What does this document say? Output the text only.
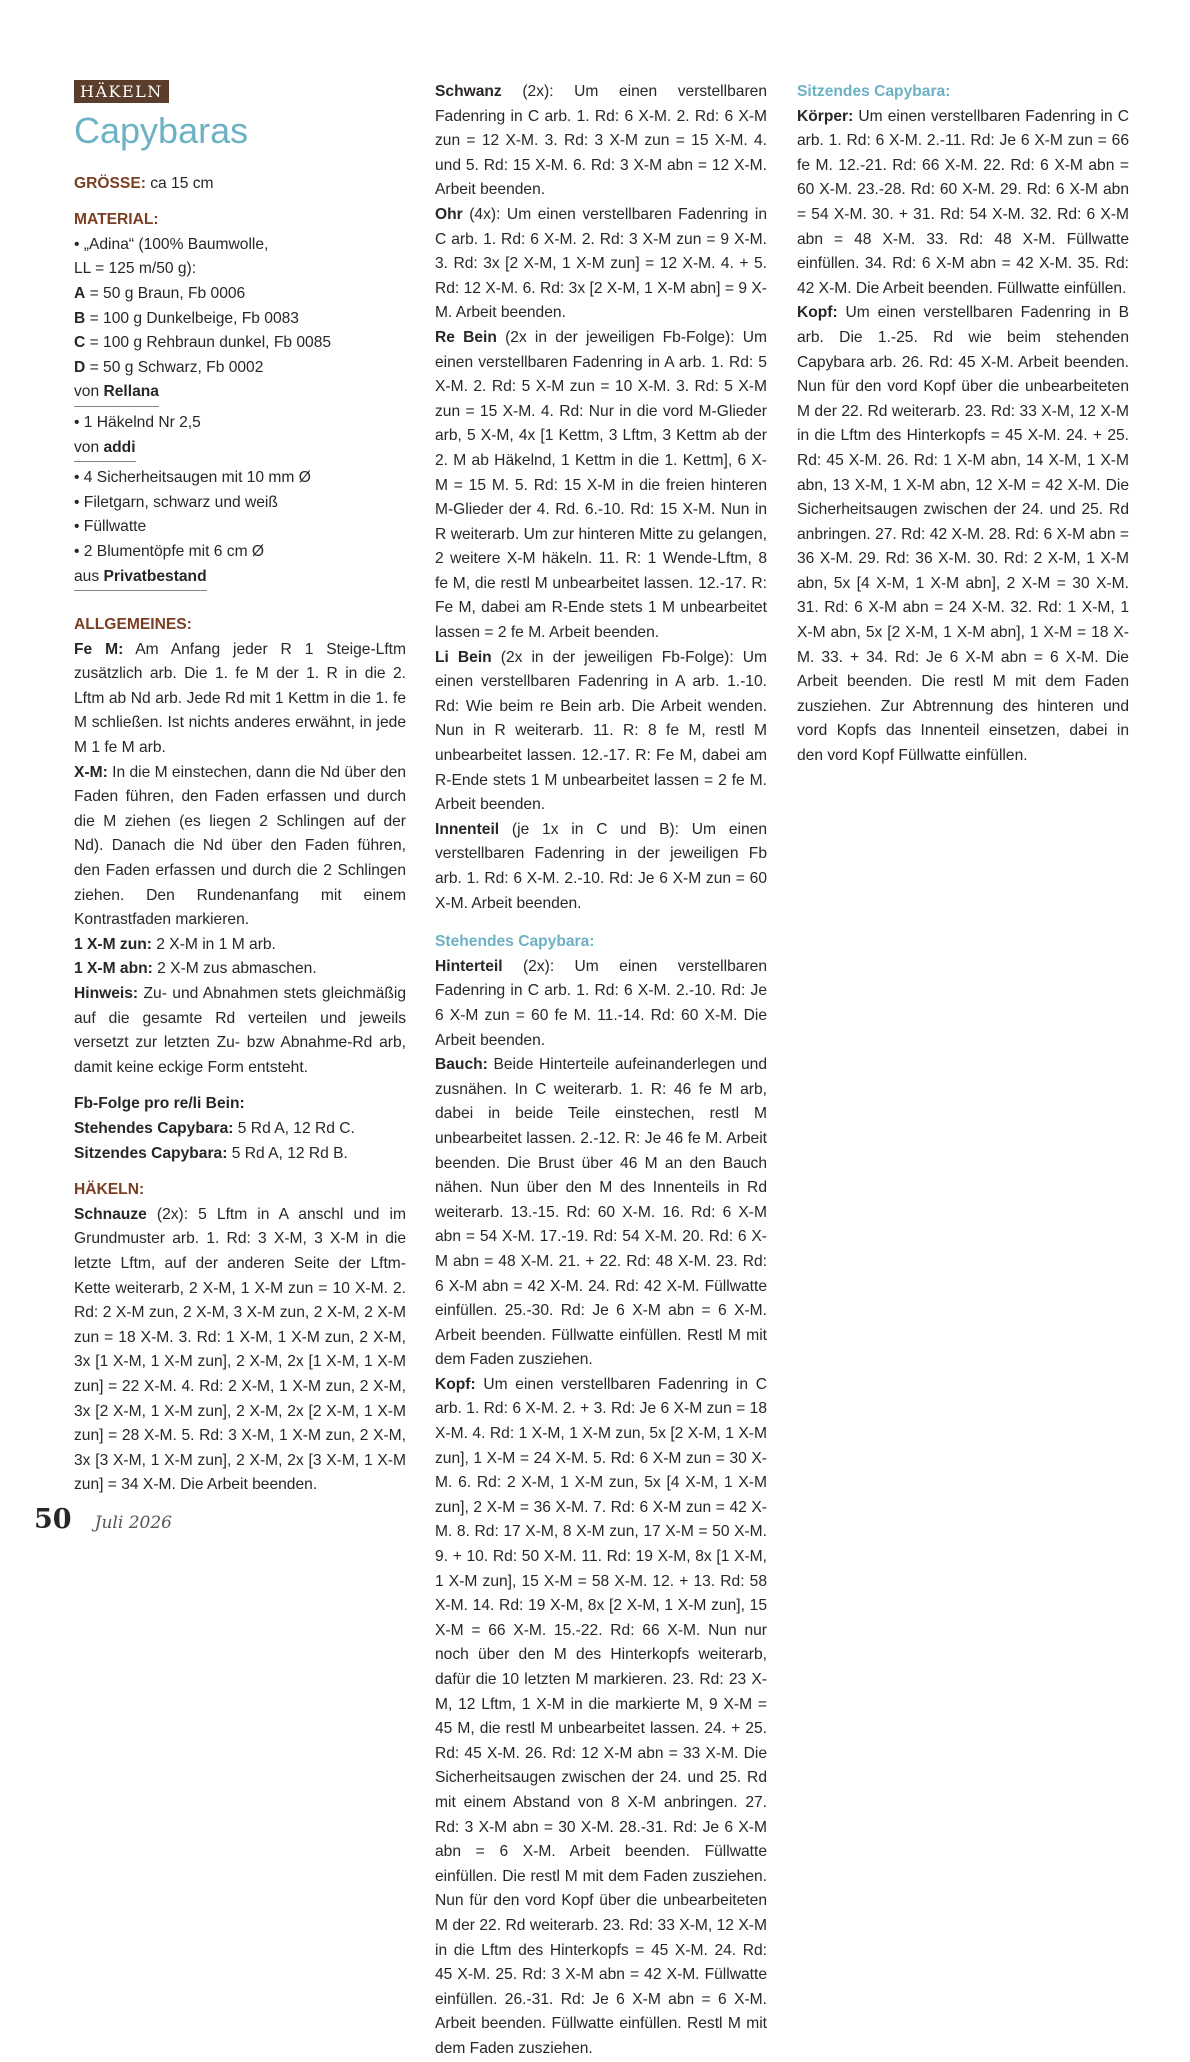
HÄKELN
Capybaras

GRÖSSE: ca 15 cm

MATERIAL:

• „Adina“ (100% Baumwolle,

LL = 125 m/50 g):

A = 50 g Braun, Fb 0006

B = 100 g Dunkelbeige, Fb 0083

C = 100 g Rehbraun dunkel, Fb 0085

D = 50 g Schwarz, Fb 0002

von Rellana

• 1 Häkelnd Nr 2,5

von addi

• 4 Sicherheitsaugen mit 10 mm Ø

• Filetgarn, schwarz und weiß

• Füllwatte

• 2 Blumentöpfe mit 6 cm Ø

aus Privatbestand

ALLGEMEINES:

Fe M: Am Anfang jeder R 1 Steige-Lftm zusätzlich arb. Die 1. fe M der 1. R in die 2. Lftm ab Nd arb. Jede Rd mit 1 Kettm in die 1. fe M schließen. Ist nichts anderes erwähnt, in jede M 1 fe M arb.

X-M: In die M einstechen, dann die Nd über den Faden führen, den Faden erfassen und durch die M ziehen (es liegen 2 Schlingen auf der Nd). Danach die Nd über den Faden führen, den Faden erfassen und durch die 2 Schlingen ziehen. Den Rundenanfang mit einem Kontrastfaden markieren.

1 X-M zun: 2 X-M in 1 M arb.

1 X-M abn: 2 X-M zus abmaschen.

Hinweis: Zu- und Abnahmen stets gleichmäßig auf die gesamte Rd verteilen und jeweils versetzt zur letzten Zu- bzw Abnahme-Rd arb, damit keine eckige Form entsteht.

Fb-Folge pro re/li Bein:

Stehendes Capybara: 5 Rd A, 12 Rd C.

Sitzendes Capybara: 5 Rd A, 12 Rd B.

HÄKELN:

Schnauze (2x): 5 Lftm in A anschl und im Grundmuster arb. 1. Rd: 3 X-M, 3 X-M in die letzte Lftm, auf der anderen Seite der Lftm-Kette weiterarb, 2 X-M, 1 X-M zun = 10 X-M. 2. Rd: 2 X-M zun, 2 X-M, 3 X-M zun, 2 X-M, 2 X-M zun = 18 X-M. 3. Rd: 1 X-M, 1 X-M zun, 2 X-M, 3x [1 X-M, 1 X-M zun], 2 X-M, 2x [1 X-M, 1 X-M zun] = 22 X-M. 4. Rd: 2 X-M, 1 X-M zun, 2 X-M, 3x [2 X-M, 1 X-M zun], 2 X-M, 2x [2 X-M, 1 X-M zun] = 28 X-M. 5. Rd: 3 X-M, 1 X-M zun, 2 X-M, 3x [3 X-M, 1 X-M zun], 2 X-M, 2x [3 X-M, 1 X-M zun] = 34 X-M. Die Arbeit beenden.

Schwanz (2x): Um einen verstellbaren Fadenring in C arb. 1. Rd: 6 X-M. 2. Rd: 6 X-M zun = 12 X-M. 3. Rd: 3 X-M zun = 15 X-M. 4. und 5. Rd: 15 X-M. 6. Rd: 3 X-M abn = 12 X-M. Arbeit beenden.

Ohr (4x): Um einen verstellbaren Fadenring in C arb. 1. Rd: 6 X-M. 2. Rd: 3 X-M zun = 9 X-M. 3. Rd: 3x [2 X-M, 1 X-M zun] = 12 X-M. 4. + 5. Rd: 12 X-M. 6. Rd: 3x [2 X-M, 1 X-M abn] = 9 X-M. Arbeit beenden.

Re Bein (2x in der jeweiligen Fb-Folge): Um einen verstellbaren Fadenring in A arb. 1. Rd: 5 X-M. 2. Rd: 5 X-M zun = 10 X-M. 3. Rd: 5 X-M zun = 15 X-M. 4. Rd: Nur in die vord M-Glieder arb, 5 X-M, 4x [1 Kettm, 3 Lftm, 3 Kettm ab der 2. M ab Häkelnd, 1 Kettm in die 1. Kettm], 6 X-M = 15 M. 5. Rd: 15 X-M in die freien hinteren M-Glieder der 4. Rd. 6.-10. Rd: 15 X-M. Nun in R weiterarb. Um zur hinteren Mitte zu gelangen, 2 weitere X-M häkeln. 11. R: 1 Wende-Lftm, 8 fe M, die restl M unbearbeitet lassen. 12.-17. R: Fe M, dabei am R-Ende stets 1 M unbearbeitet lassen = 2 fe M. Arbeit beenden.

Li Bein (2x in der jeweiligen Fb-Folge): Um einen verstellbaren Fadenring in A arb. 1.-10. Rd: Wie beim re Bein arb. Die Arbeit wenden. Nun in R weiterarb. 11. R: 8 fe M, restl M unbearbeitet lassen. 12.-17. R: Fe M, dabei am R-Ende stets 1 M unbearbeitet lassen = 2 fe M. Arbeit beenden.

Innenteil (je 1x in C und B): Um einen verstellbaren Fadenring in der jeweiligen Fb arb. 1. Rd: 6 X-M. 2.-10. Rd: Je 6 X-M zun = 60 X-M. Arbeit beenden.

Stehendes Capybara:

Hinterteil (2x): Um einen verstellbaren Fadenring in C arb. 1. Rd: 6 X-M. 2.-10. Rd: Je 6 X-M zun = 60 fe M. 11.-14. Rd: 60 X-M. Die Arbeit beenden.

Bauch: Beide Hinterteile aufeinanderlegen und zusnähen. In C weiterarb. 1. R: 46 fe M arb, dabei in beide Teile einstechen, restl M unbearbeitet lassen. 2.-12. R: Je 46 fe M. Arbeit beenden. Die Brust über 46 M an den Bauch nähen. Nun über den M des Innenteils in Rd weiterarb. 13.-15. Rd: 60 X-M. 16. Rd: 6 X-M abn = 54 X-M. 17.-19. Rd: 54 X-M. 20. Rd: 6 X-M abn = 48 X-M. 21. + 22. Rd: 48 X-M. 23. Rd: 6 X-M abn = 42 X-M. 24. Rd: 42 X-M. Füllwatte einfüllen. 25.-30. Rd: Je 6 X-M abn = 6 X-M. Arbeit beenden. Füllwatte einfüllen. Restl M mit dem Faden zusziehen.

Kopf: Um einen verstellbaren Fadenring in C arb. 1. Rd: 6 X-M. 2. + 3. Rd: Je 6 X-M zun = 18 X-M. 4. Rd: 1 X-M, 1 X-M zun, 5x [2 X-M, 1 X-M zun], 1 X-M = 24 X-M. 5. Rd: 6 X-M zun = 30 X-M. 6. Rd: 2 X-M, 1 X-M zun, 5x [4 X-M, 1 X-M zun], 2 X-M = 36 X-M. 7. Rd: 6 X-M zun = 42 X-M. 8. Rd: 17 X-M, 8 X-M zun, 17 X-M = 50 X-M. 9. + 10. Rd: 50 X-M. 11. Rd: 19 X-M, 8x [1 X-M, 1 X-M zun], 15 X-M = 58 X-M. 12. + 13. Rd: 58 X-M. 14. Rd: 19 X-M, 8x [2 X-M, 1 X-M zun], 15 X-M = 66 X-M. 15.-22. Rd: 66 X-M. Nun nur noch über den M des Hinterkopfs weiterarb, dafür die 10 letzten M markieren. 23. Rd: 23 X-M, 12 Lftm, 1 X-M in die markierte M, 9 X-M = 45 M, die restl M unbearbeitet lassen. 24. + 25. Rd: 45 X-M. 26. Rd: 12 X-M abn = 33 X-M. Die Sicherheitsaugen zwischen der 24. und 25. Rd mit einem Abstand von 8 X-M anbringen. 27. Rd: 3 X-M abn = 30 X-M. 28.-31. Rd: Je 6 X-M abn = 6 X-M. Arbeit beenden. Füllwatte einfüllen. Die restl M mit dem Faden zusziehen. Nun für den vord Kopf über die unbearbeiteten M der 22. Rd weiterarb. 23. Rd: 33 X-M, 12 X-M in die Lftm des Hinterkopfs = 45 X-M. 24. Rd: 45 X-M. 25. Rd: 3 X-M abn = 42 X-M. Füllwatte einfüllen. 26.-31. Rd: Je 6 X-M abn = 6 X-M. Arbeit beenden. Füllwatte einfüllen. Restl M mit dem Faden zusziehen.

Sitzendes Capybara:

Körper: Um einen verstellbaren Fadenring in C arb. 1. Rd: 6 X-M. 2.-11. Rd: Je 6 X-M zun = 66 fe M. 12.-21. Rd: 66 X-M. 22. Rd: 6 X-M abn = 60 X-M. 23.-28. Rd: 60 X-M. 29. Rd: 6 X-M abn = 54 X-M. 30. + 31. Rd: 54 X-M. 32. Rd: 6 X-M abn = 48 X-M. 33. Rd: 48 X-M. Füllwatte einfüllen. 34. Rd: 6 X-M abn = 42 X-M. 35. Rd: 42 X-M. Die Arbeit beenden. Füllwatte einfüllen.

Kopf: Um einen verstellbaren Fadenring in B arb. Die 1.-25. Rd wie beim stehenden Capybara arb. 26. Rd: 45 X-M. Arbeit beenden. Nun für den vord Kopf über die unbearbeiteten M der 22. Rd weiterarb. 23. Rd: 33 X-M, 12 X-M in die Lftm des Hinterkopfs = 45 X-M. 24. + 25. Rd: 45 X-M. 26. Rd: 1 X-M abn, 14 X-M, 1 X-M abn, 13 X-M, 1 X-M abn, 12 X-M = 42 X-M. Die Sicherheitsaugen zwischen der 24. und 25. Rd anbringen. 27. Rd: 42 X-M. 28. Rd: 6 X-M abn = 36 X-M. 29. Rd: 36 X-M. 30. Rd: 2 X-M, 1 X-M abn, 5x [4 X-M, 1 X-M abn], 2 X-M = 30 X-M. 31. Rd: 6 X-M abn = 24 X-M. 32. Rd: 1 X-M, 1 X-M abn, 5x [2 X-M, 1 X-M abn], 1 X-M = 18 X-M. 33. + 34. Rd: Je 6 X-M abn = 6 X-M. Die Arbeit beenden. Die restl M mit dem Faden zusziehen. Zur Abtrennung des hinteren und vord Kopfs das Innenteil einsetzen, dabei in den vord Kopf Füllwatte einfüllen.

50 Juli 2026
